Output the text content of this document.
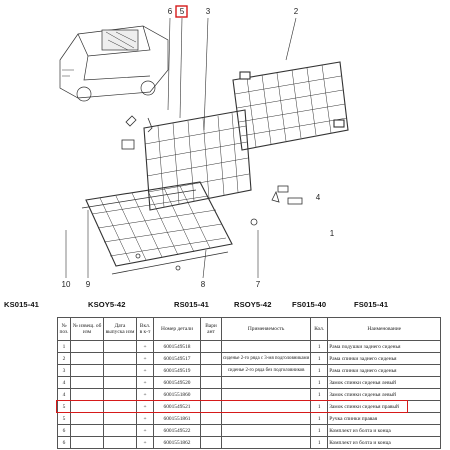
6 5	3	2
10 9	8	7
4
1
KS015-41	KSOY5-42	RS015-41	RSOY5-42	FS015-40	FS015-41
№ поз.	№ извещ. об изм	Дата выпуска изм	Вкл. в к-т	Номер детали	Вари ант	Применяемость	Кол.	Наименование
1			+	6001549518			1	Рама подушки заднего сиденья
2			+	6001549517		сиденье 2-го ряда с 3-мя подголовниками	1	Рама спинки заднего сиденья
3			+	6001549519		сиденье 2-го ряда без подголовников	1	Рама спинки заднего сиденья
4			+	6001549520			1	Замок спинки сиденья левый
4			+	6001551860			1	Замок спинки сиденья левый
5			+	6001549521			1	Замок спинки сиденья правый
5			+	6001551861			1	Ручка спинки правая
6			+	6001549522			1	Комплект из болта и конца
6			+	6001551862			1	Комплект из болта и конца
